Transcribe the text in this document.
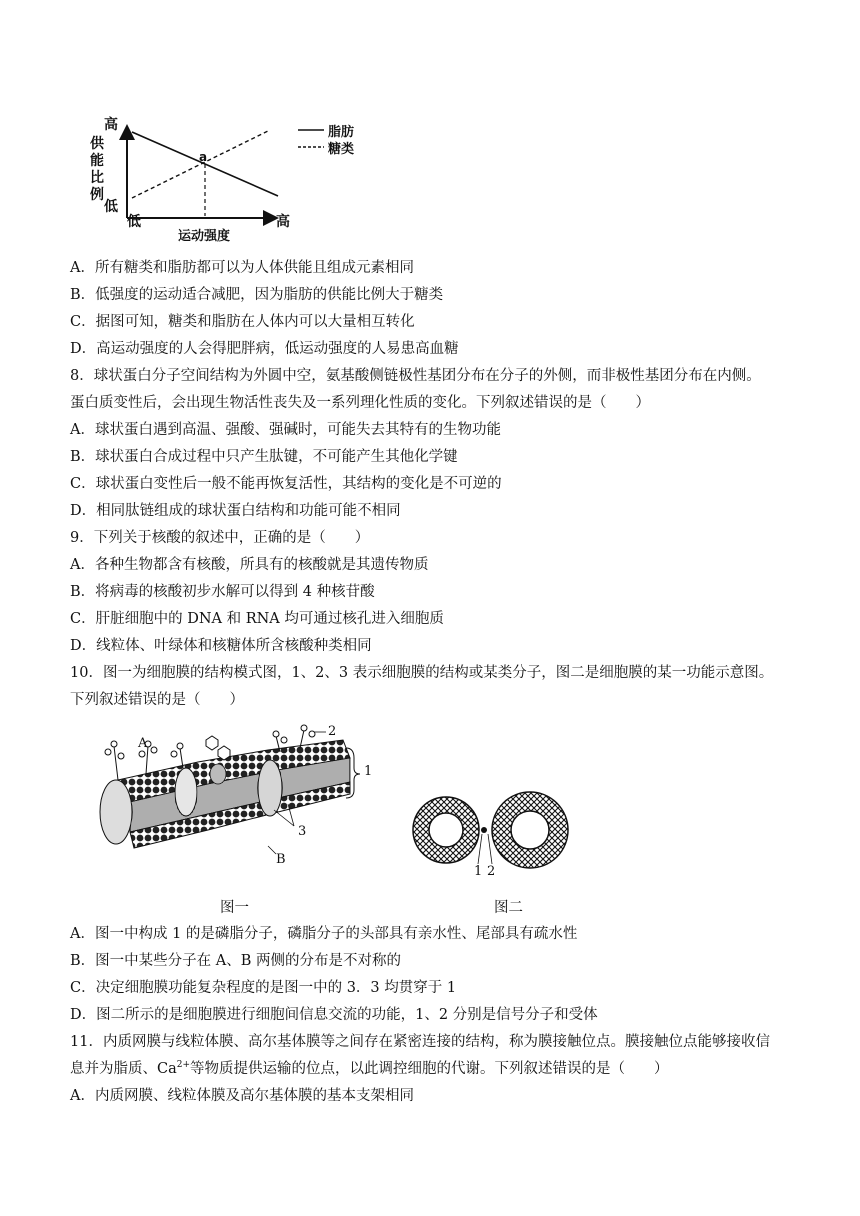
高
供
能
比
例
低
低	高
运动强度
a
脂肪
糖类
A．所有糖类和脂肪都可以为人体供能且组成元素相同
B．低强度的运动适合减肥，因为脂肪的供能比例大于糖类
C．据图可知，糖类和脂肪在人体内可以大量相互转化
D．高运动强度的人会得肥胖病，低运动强度的人易患高血糖
8．球状蛋白分子空间结构为外圆中空，氨基酸侧链极性基团分布在分子的外侧，而非极性基团分布在内侧。
蛋白质变性后，会出现生物活性丧失及一系列理化性质的变化。下列叙述错误的是（　　）
A．球状蛋白遇到高温、强酸、强碱时，可能失去其特有的生物功能
B．球状蛋白合成过程中只产生肽键，不可能产生其他化学键
C．球状蛋白变性后一般不能再恢复活性，其结构的变化是不可逆的
D．相同肽链组成的球状蛋白结构和功能可能不相同
9．下列关于核酸的叙述中，正确的是（　　）
A．各种生物都含有核酸，所具有的核酸就是其遗传物质
B．将病毒的核酸初步水解可以得到 4 种核苷酸
C．肝脏细胞中的 DNA 和 RNA 均可通过核孔进入细胞质
D．线粒体、叶绿体和核糖体所含核酸种类相同
10．图一为细胞膜的结构模式图，1、2、3 表示细胞膜的结构或某类分子，图二是细胞膜的某一功能示意图。
下列叙述错误的是（　　）
A
B
1
2
3
1 2
图一	图二
A．图一中构成 1 的是磷脂分子，磷脂分子的头部具有亲水性、尾部具有疏水性
B．图一中某些分子在 A、B 两侧的分布是不对称的
C．决定细胞膜功能复杂程度的是图一中的 3．3 均贯穿于 1
D．图二所示的是细胞膜进行细胞间信息交流的功能，1、2 分别是信号分子和受体
11．内质网膜与线粒体膜、高尔基体膜等之间存在紧密连接的结构，称为膜接触位点。膜接触位点能够接收信
息并为脂质、$Ca^{2+}$等物质提供运输的位点，以此调控细胞的代谢。下列叙述错误的是（　　）
A．内质网膜、线粒体膜及高尔基体膜的基本支架相同
